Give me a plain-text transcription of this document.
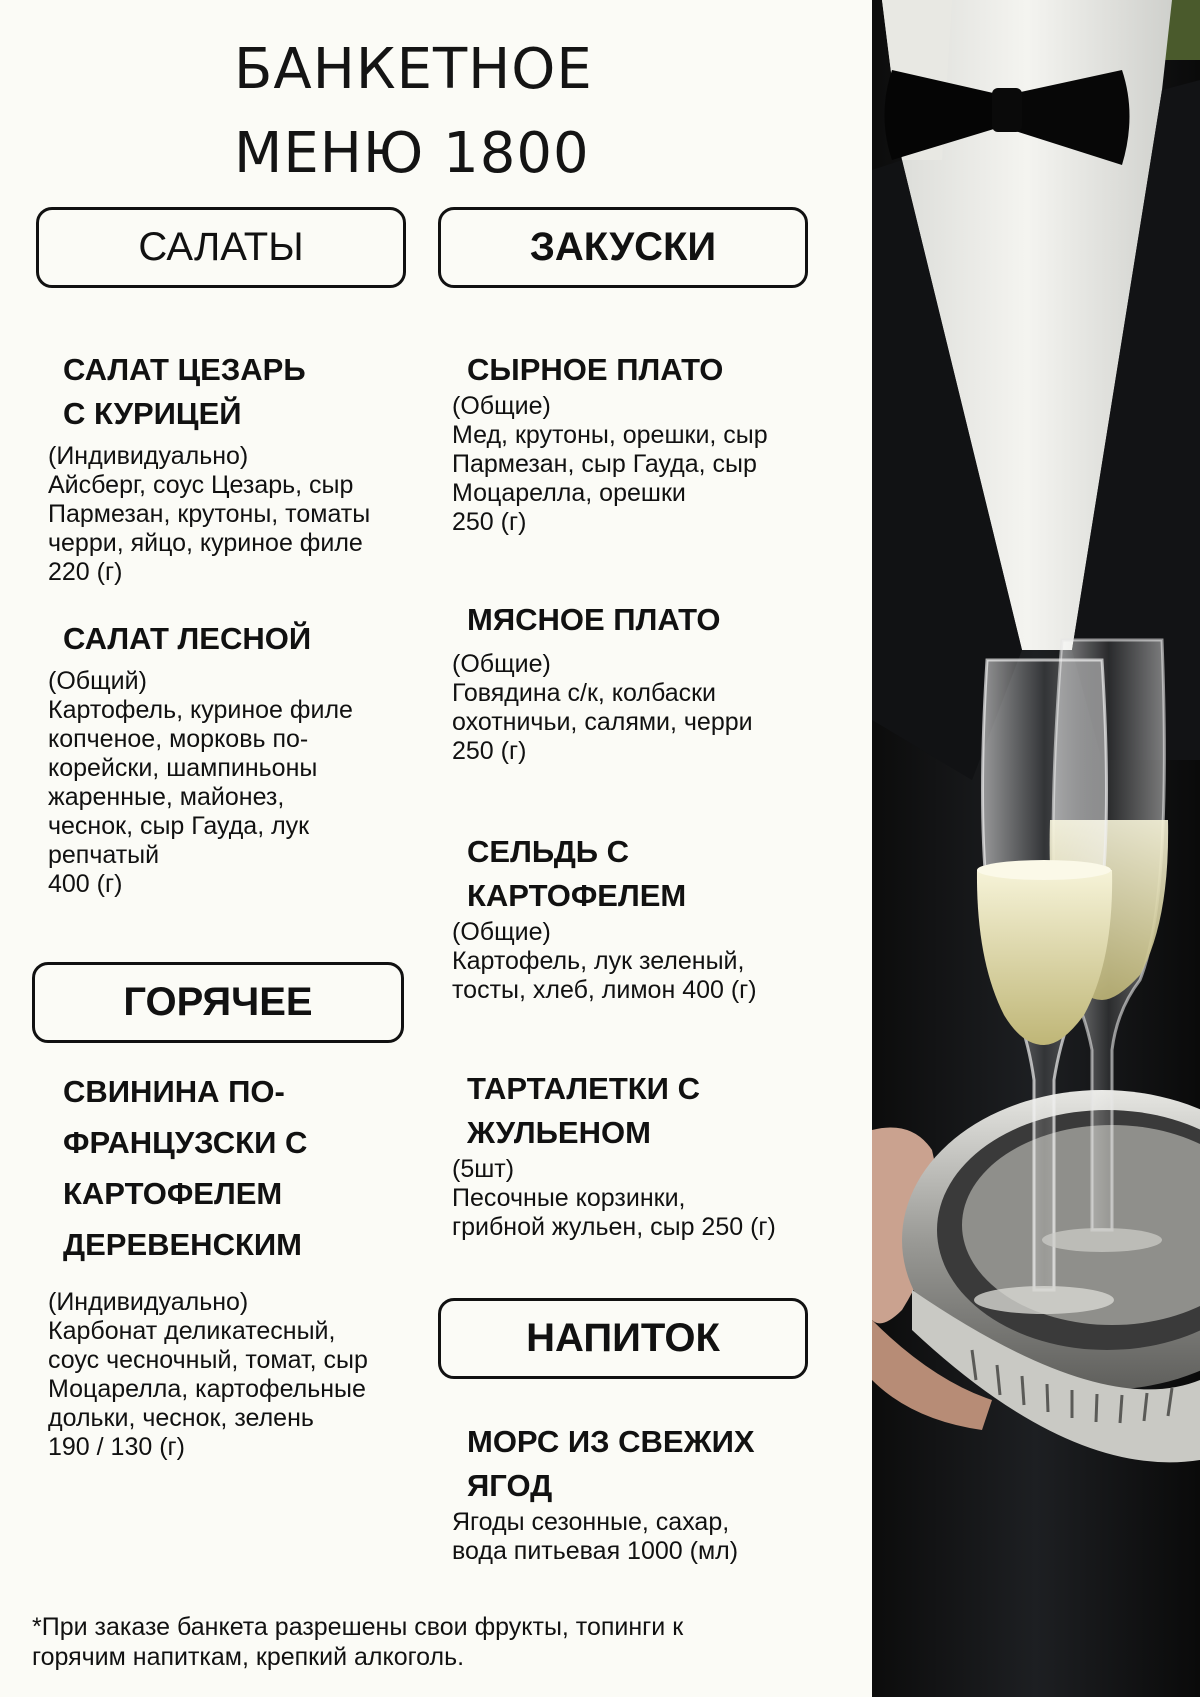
БАНКЕТНОЕ
МЕНЮ 1800
САЛАТЫ	ЗАКУСКИ
ГОРЯЧЕЕ
НАПИТОК
САЛАТ ЦЕЗАРЬ
С КУРИЦЕЙ
(Индивидуально)
Айсберг, соус Цезарь, сыр
Пармезан, крутоны, томаты
черри, яйцо, куриное филе
220 (г)
САЛАТ ЛЕСНОЙ
(Общий)
Картофель, куриное филе
копченое, морковь по-
корейски, шампиньоны
жаренные, майонез,
чеснок, сыр Гауда, лук
репчатый
400 (г)
СВИНИНА ПО-
ФРАНЦУЗСКИ С
КАРТОФЕЛЕМ
ДЕРЕВЕНСКИМ
(Индивидуально)
Карбонат деликатесный,
соус чесночный, томат, сыр
Моцарелла, картофельные
дольки, чеснок, зелень
190 / 130 (г)
СЫРНОЕ ПЛАТО
(Общие)
Мед, крутоны, орешки, сыр
Пармезан, сыр Гауда, сыр
Моцарелла, орешки
250 (г)
МЯСНОЕ ПЛАТО
(Общие)
Говядина с/к, колбаски
охотничьи, салями, черри
250 (г)
СЕЛЬДЬ С
КАРТОФЕЛЕМ
(Общие)
Картофель, лук зеленый,
тосты, хлеб, лимон 400 (г)
ТАРТАЛЕТКИ С
ЖУЛЬЕНОМ
(5шт)
Песочные корзинки,
грибной жульен, сыр 250 (г)
МОРС ИЗ СВЕЖИХ
ЯГОД
Ягоды сезонные, сахар,
вода питьевая 1000 (мл)
*При заказе банкета разрешены свои фрукты, топинги к
горячим напиткам, крепкий алкоголь.
